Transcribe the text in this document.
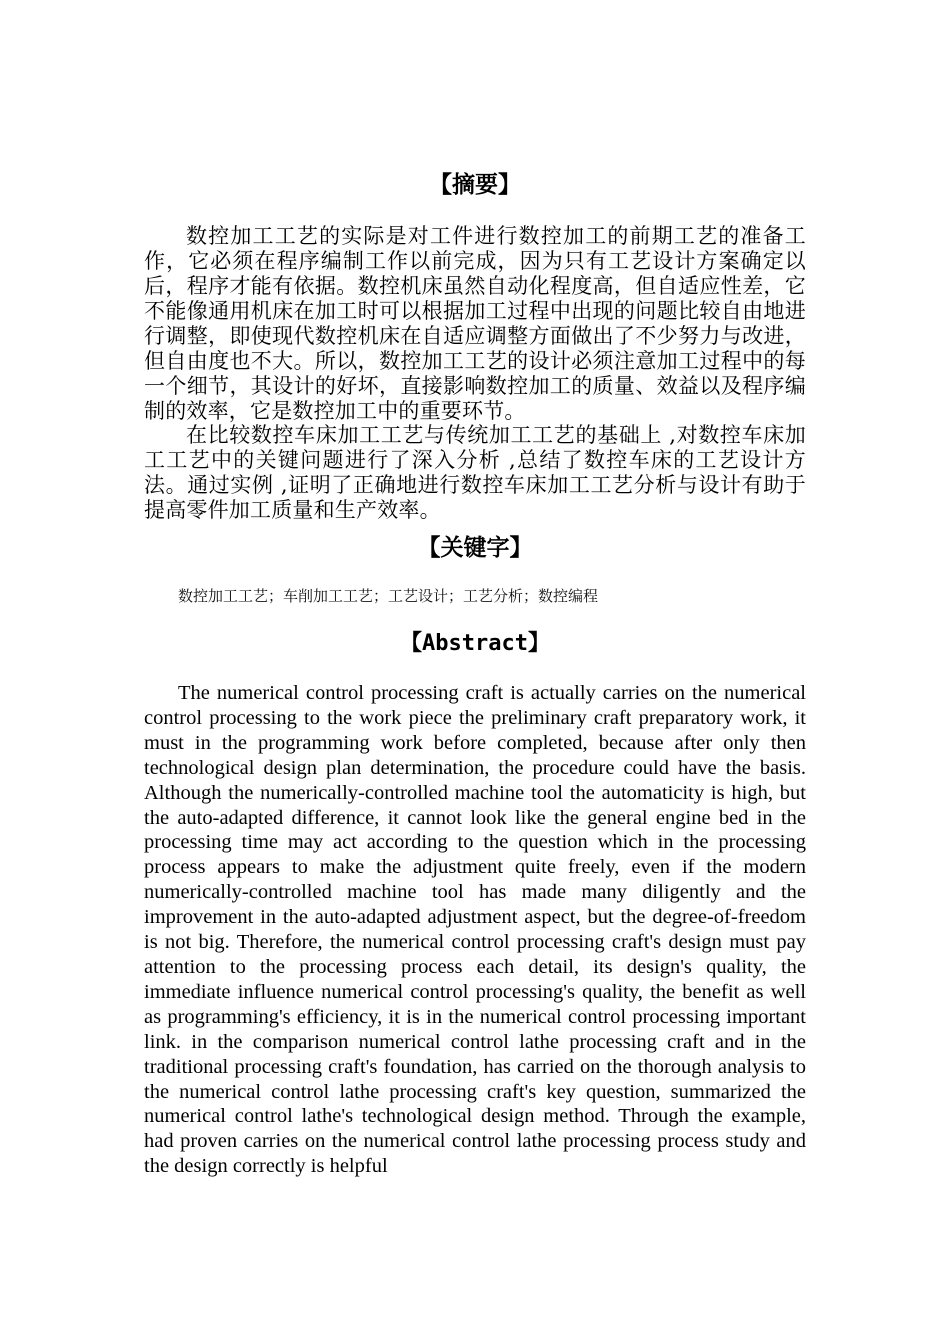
【摘要】

数控加工工艺的实际是对工件进行数控加工的前期工艺的准备工作，它必须在程序编制工作以前完成，因为只有工艺设计方案确定以后，程序才能有依据。数控机床虽然自动化程度高，但自适应性差，它不能像通用机床在加工时可以根据加工过程中出现的问题比较自由地进行调整，即使现代数控机床在自适应调整方面做出了不少努力与改进，但自由度也不大。所以，数控加工工艺的设计必须注意加工过程中的每一个细节，其设计的好坏，直接影响数控加工的质量、效益以及程序编制的效率，它是数控加工中的重要环节。

在比较数控车床加工工艺与传统加工工艺的基础上 ,对数控车床加工工艺中的关键问题进行了深入分析 ,总结了数控车床的工艺设计方法。通过实例 ,证明了正确地进行数控车床加工工艺分析与设计有助于提高零件加工质量和生产效率。

【关键字】

数控加工工艺；车削加工工艺；工艺设计；工艺分析；数控编程

【Abstract】

The numerical control processing craft is actually carries on the numerical control processing to the work piece the preliminary craft preparatory work, it must in the programming work before completed, because after only then technological design plan determination, the procedure could have the basis. Although the numerically-controlled machine tool the automaticity is high, but the auto-adapted difference, it cannot look like the general engine bed in the processing time may act according to the question which in the processing process appears to make the adjustment quite freely, even if the modern numerically-controlled machine tool has made many diligently and the improvement in the auto-adapted adjustment aspect, but the degree-of-freedom is not big. Therefore, the numerical control processing craft's design must pay attention to the processing process each detail, its design's quality, the immediate influence numerical control processing's quality, the benefit as well as programming's efficiency, it is in the numerical control processing important link. in the comparison numerical control lathe processing craft and in the traditional processing craft's foundation, has carried on the thorough analysis to the numerical control lathe processing craft's key question, summarized the numerical control lathe's technological design method. Through the example, had proven carries on the numerical control lathe processing process study and the design correctly is helpful
